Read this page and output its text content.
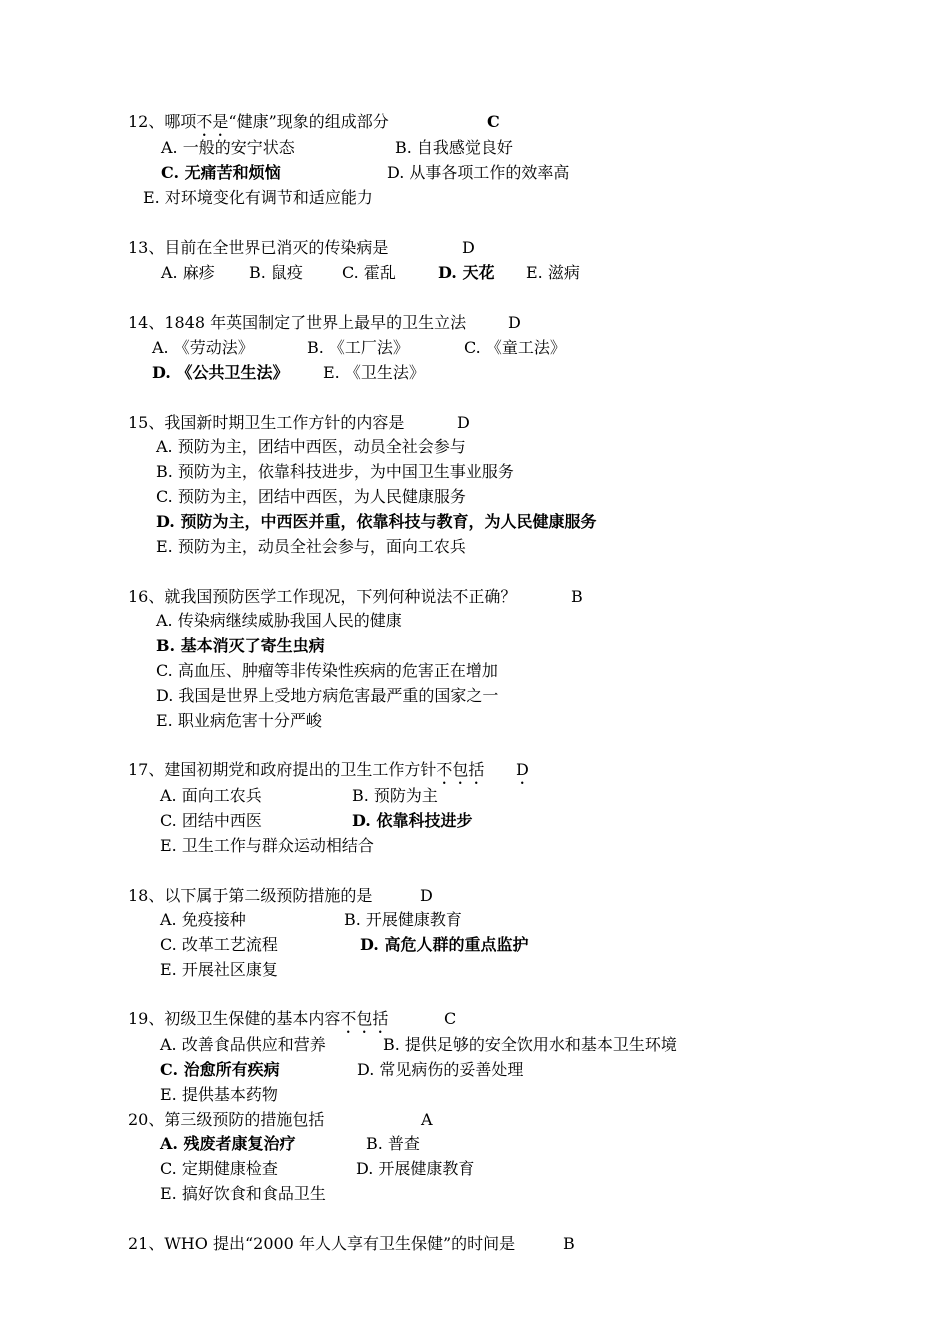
12、哪项不是“健康”现象的组成部分	C
A. 一般的安宁状态	B. 自我感觉良好
C. 无痛苦和烦恼	D. 从事各项工作的效率高
E. 对环境变化有调节和适应能力
13、目前在全世界已消灭的传染病是	D
A. 麻疹 B. 鼠疫 C. 霍乱	D. 天花 E. 滋病
14、1848 年英国制定了世界上最早的卫生立法	D
A. 《劳动法》	B. 《工厂法》	C. 《童工法》
D. 《公共卫生法》 E. 《卫生法》
15、我国新时期卫生工作方针的内容是	D
A. 预防为主，团结中西医，动员全社会参与
B. 预防为主，依靠科技进步，为中国卫生事业服务
C. 预防为主，团结中西医，为人民健康服务
D. 预防为主，中西医并重，依靠科技与教育，为人民健康服务
E. 预防为主，动员全社会参与，面向工农兵
16、就我国预防医学工作现况，下列何种说法不正确？	B
A. 传染病继续威胁我国人民的健康
B. 基本消灭了寄生虫病
C. 高血压、肿瘤等非传染性疾病的危害正在增加
D. 我国是世界上受地方病危害最严重的国家之一
E. 职业病危害十分严峻
17、建国初期党和政府提出的卫生工作方针不包括 D
A. 面向工农兵	B. 预防为主
C. 团结中西医	D. 依靠科技进步
E. 卫生工作与群众运动相结合
18、以下属于第二级预防措施的是	D
A. 免疫接种	B. 开展健康教育
C. 改革工艺流程	D. 高危人群的重点监护
E. 开展社区康复
19、初级卫生保健的基本内容不包括	C
A. 改善食品供应和营养	B. 提供足够的安全饮用水和基本卫生环境
C. 治愈所有疾病	D. 常见病伤的妥善处理
E. 提供基本药物
20、第三级预防的措施包括	A
A. 残废者康复治疗	B. 普查
C. 定期健康检查	D. 开展健康教育
E. 搞好饮食和食品卫生
21、WHO 提出“2000 年人人享有卫生保健”的时间是	B
